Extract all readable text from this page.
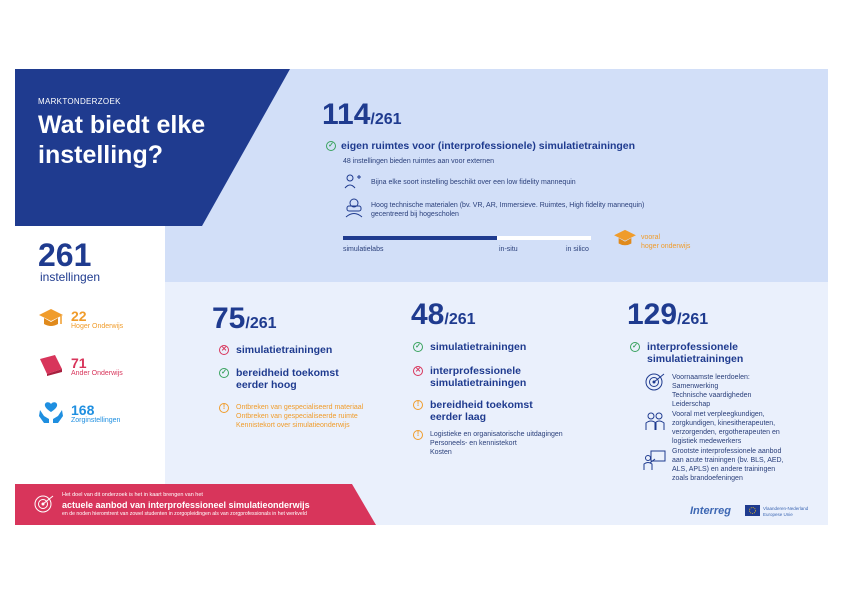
MARKTONDERZOEK
Wat biedt elke instelling?
261
instellingen
22
Hoger Onderwijs
71
Ander Onderwijs
168
Zorginstellingen
114/261
✓ eigen ruimtes voor (interprofessionele) simulatietrainingen
48 instellingen bieden ruimtes aan voor externen
Bijna elke soort instelling beschikt over een low fidelity mannequin
Hoog technische materialen (bv. VR, AR, Immersieve. Ruimtes, High fidelity mannequin)
gecentreerd bij hogescholen
simulatielabs	in-situ	in silico
vooral
hoger onderwijs
75/261
✕ simulatietrainingen
✓ bereidheid toekomst
eerder hoog
!	Ontbreken van gespecialiseerd materiaal
Ontbreken van gespecialiseerde ruimte
Kennistekort over simulatieonderwijs
48/261
✓ simulatietrainingen
✕ interprofessionele
simulatietrainingen
!	bereidheid toekomst
eerder laag
!	Logistieke en organisatorische uitdagingen
Personeels- en kennistekort
Kosten
129/261
✓ interprofessionele
simulatietrainingen
Voornaamste leerdoelen:
Samenwerking
Technische vaardigheden
Leiderschap
Vooral met verpleegkundigen,
zorgkundigen, kinesitherapeuten,
verzorgenden, ergotherapeuten en
logistiek medewerkers
Grootste interprofessionele aanbod
aan acute trainingen (bv. BLS, AED,
ALS, APLS) en andere trainingen
zoals brandoefeningen
Het doel van dit onderzoek is het in kaart brengen van het
actuele aanbod van interprofessioneel simulatieonderwijs
en de noden hieromtrent van zowel studenten in zorgopleidingen als van zorgprofessionals in het werkveld	Interreg	Vlaanderen-Nederland
Europese Unie
